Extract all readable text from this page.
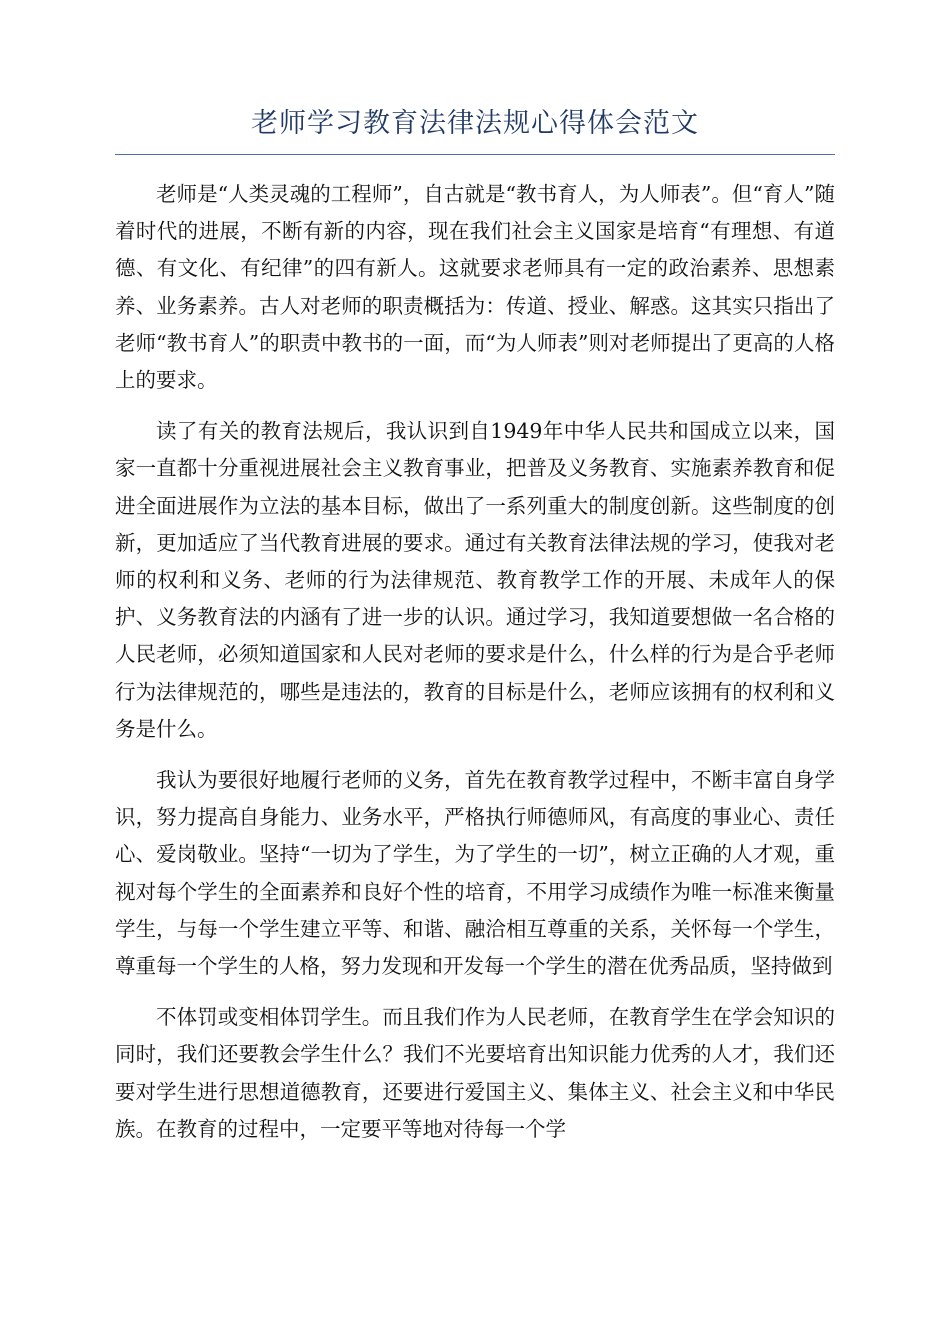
老师学习教育法律法规心得体会范文

老师是“人类灵魂的工程师”，自古就是“教书育人，为人师表”。但“育人”随着时代的进展，不断有新的内容，现在我们社会主义国家是培育“有理想、有道德、有文化、有纪律”的四有新人。这就要求老师具有一定的政治素养、思想素养、业务素养。古人对老师的职责概括为：传道、授业、解惑。这其实只指出了老师“教书育人”的职责中教书的一面，而“为人师表”则对老师提出了更高的人格上的要求。

读了有关的教育法规后，我认识到自1949年中华人民共和国成立以来，国家一直都十分重视进展社会主义教育事业，把普及义务教育、实施素养教育和促进全面进展作为立法的基本目标，做出了一系列重大的制度创新。这些制度的创新，更加适应了当代教育进展的要求。通过有关教育法律法规的学习，使我对老师的权利和义务、老师的行为法律规范、教育教学工作的开展、未成年人的保护、义务教育法的内涵有了进一步的认识。通过学习，我知道要想做一名合格的人民老师，必须知道国家和人民对老师的要求是什么，什么样的行为是合乎老师行为法律规范的，哪些是违法的，教育的目标是什么，老师应该拥有的权利和义务是什么。

我认为要很好地履行老师的义务，首先在教育教学过程中，不断丰富自身学识，努力提高自身能力、业务水平，严格执行师德师风，有高度的事业心、责任心、爱岗敬业。坚持“一切为了学生，为了学生的一切”，树立正确的人才观，重视对每个学生的全面素养和良好个性的培育，不用学习成绩作为唯一标准来衡量学生，与每一个学生建立平等、和谐、融洽相互尊重的关系，关怀每一个学生，尊重每一个学生的人格，努力发现和开发每一个学生的潜在优秀品质，坚持做到

不体罚或变相体罚学生。而且我们作为人民老师，在教育学生在学会知识的同时，我们还要教会学生什么？我们不光要培育出知识能力优秀的人才，我们还要对学生进行思想道德教育，还要进行爱国主义、集体主义、社会主义和中华民族。在教育的过程中，一定要平等地对待每一个学
